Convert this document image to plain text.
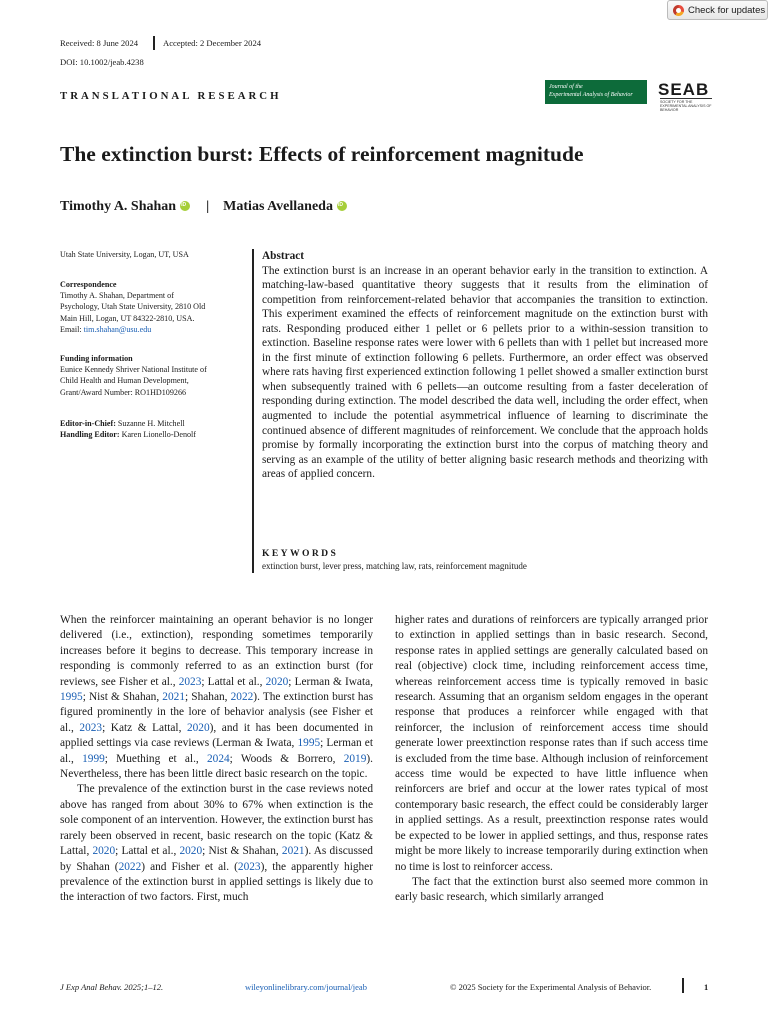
Check for updates
Received: 8 June 2024	Accepted: 2 December 2024
DOI: 10.1002/jeab.4238
TRANSLATIONAL RESEARCH
Journal of the
Experimental Analysis of Behavior	SEAB
SOCIETY FOR THE EXPERIMENTAL ANALYSIS OF BEHAVIOR
The extinction burst: Effects of reinforcement magnitude
Timothy A. Shahan
iD | Matias Avellaneda
iD
Utah State University, Logan, UT, USA
Correspondence
Timothy A. Shahan, Department of
Psychology, Utah State University, 2810 Old
Main Hill, Logan, UT 84322-2810, USA.
Email: tim.shahan@usu.edu
Funding information
Eunice Kennedy Shriver National Institute of
Child Health and Human Development,
Grant/Award Number: RO1HD109266
Editor-in-Chief: Suzanne H. Mitchell
Handling Editor: Karen Lionello-Denolf
Abstract

The extinction burst is an increase in an operant behavior early in the transition to extinction. A matching-law-based quantitative theory suggests that it results from the elimination of competition from reinforcement-related behavior that accompanies the transition to extinction. This experiment examined the effects of reinforcement magnitude on the extinction burst with rats. Responding produced either 1 pellet or 6 pellets prior to a within-session transition to extinction. Baseline response rates were lower with 6 pellets than with 1 pellet but increased more in the first minute of extinction following 6 pellets. Furthermore, an order effect was observed where rats having first experienced extinction following 1 pellet showed a smaller extinction burst when subsequently trained with 6 pellets—an outcome resulting from a faster deceleration of responding during extinction. The model described the data well, including the order effect, when augmented to include the potential asymmetrical influence of learning to discriminate the continued absence of different magnitudes of reinforcement. We conclude that the approach holds promise by formally incorporating the extinction burst into the corpus of matching theory and serving as an example of the utility of better aligning basic research methods and theorizing with areas of applied concern.

KEYWORDS
extinction burst, lever press, matching law, rats, reinforcement magnitude

When the reinforcer maintaining an operant behavior is no longer delivered (i.e., extinction), responding sometimes temporarily increases before it begins to decrease. This temporary increase in responding is commonly referred to as an extinction burst (for reviews, see Fisher et al., 2023; Lattal et al., 2020; Lerman & Iwata, 1995; Nist & Shahan, 2021; Shahan, 2022). The extinction burst has figured prominently in the lore of behavior analysis (see Fisher et al., 2023; Katz & Lattal, 2020), and it has been documented in applied settings via case reviews (Lerman & Iwata, 1995; Lerman et al., 1999; Muething et al., 2024; Woods & Borrero, 2019). Nevertheless, there has been little direct basic research on the topic.

The prevalence of the extinction burst in the case reviews noted above has ranged from about 30% to 67% when extinction is the sole component of an intervention. However, the extinction burst has rarely been observed in recent, basic research on the topic (Katz & Lattal, 2020; Lattal et al., 2020; Nist & Shahan, 2021). As discussed by Shahan (2022) and Fisher et al. (2023), the apparently higher prevalence of the extinction burst in applied settings is likely due to the interaction of two factors. First, much

higher rates and durations of reinforcers are typically arranged prior to extinction in applied settings than in basic research. Second, response rates in applied settings are generally calculated based on real (objective) clock time, including reinforcement access time, whereas reinforcement access time is typically removed in basic research. Assuming that an organism seldom engages in the operant response that produces a reinforcer while engaged with that reinforcer, the inclusion of reinforcement access time should generate lower preextinction response rates than if such access time is excluded from the time base. Although inclusion of reinforcement access time would be expected to have little influence when reinforcers are brief and occur at the lower rates typical of most contemporary basic research, the effect could be considerably larger in applied settings. As a result, preextinction response rates would be expected to be lower in applied settings, and thus, response rates might be more likely to increase temporarily during extinction when no time is lost to reinforcer access.

The fact that the extinction burst also seemed more common in early basic research, which similarly arranged

J Exp Anal Behav. 2025;1–12.	wileyonlinelibrary.com/journal/jeab	© 2025 Society for the Experimental Analysis of Behavior.	1
